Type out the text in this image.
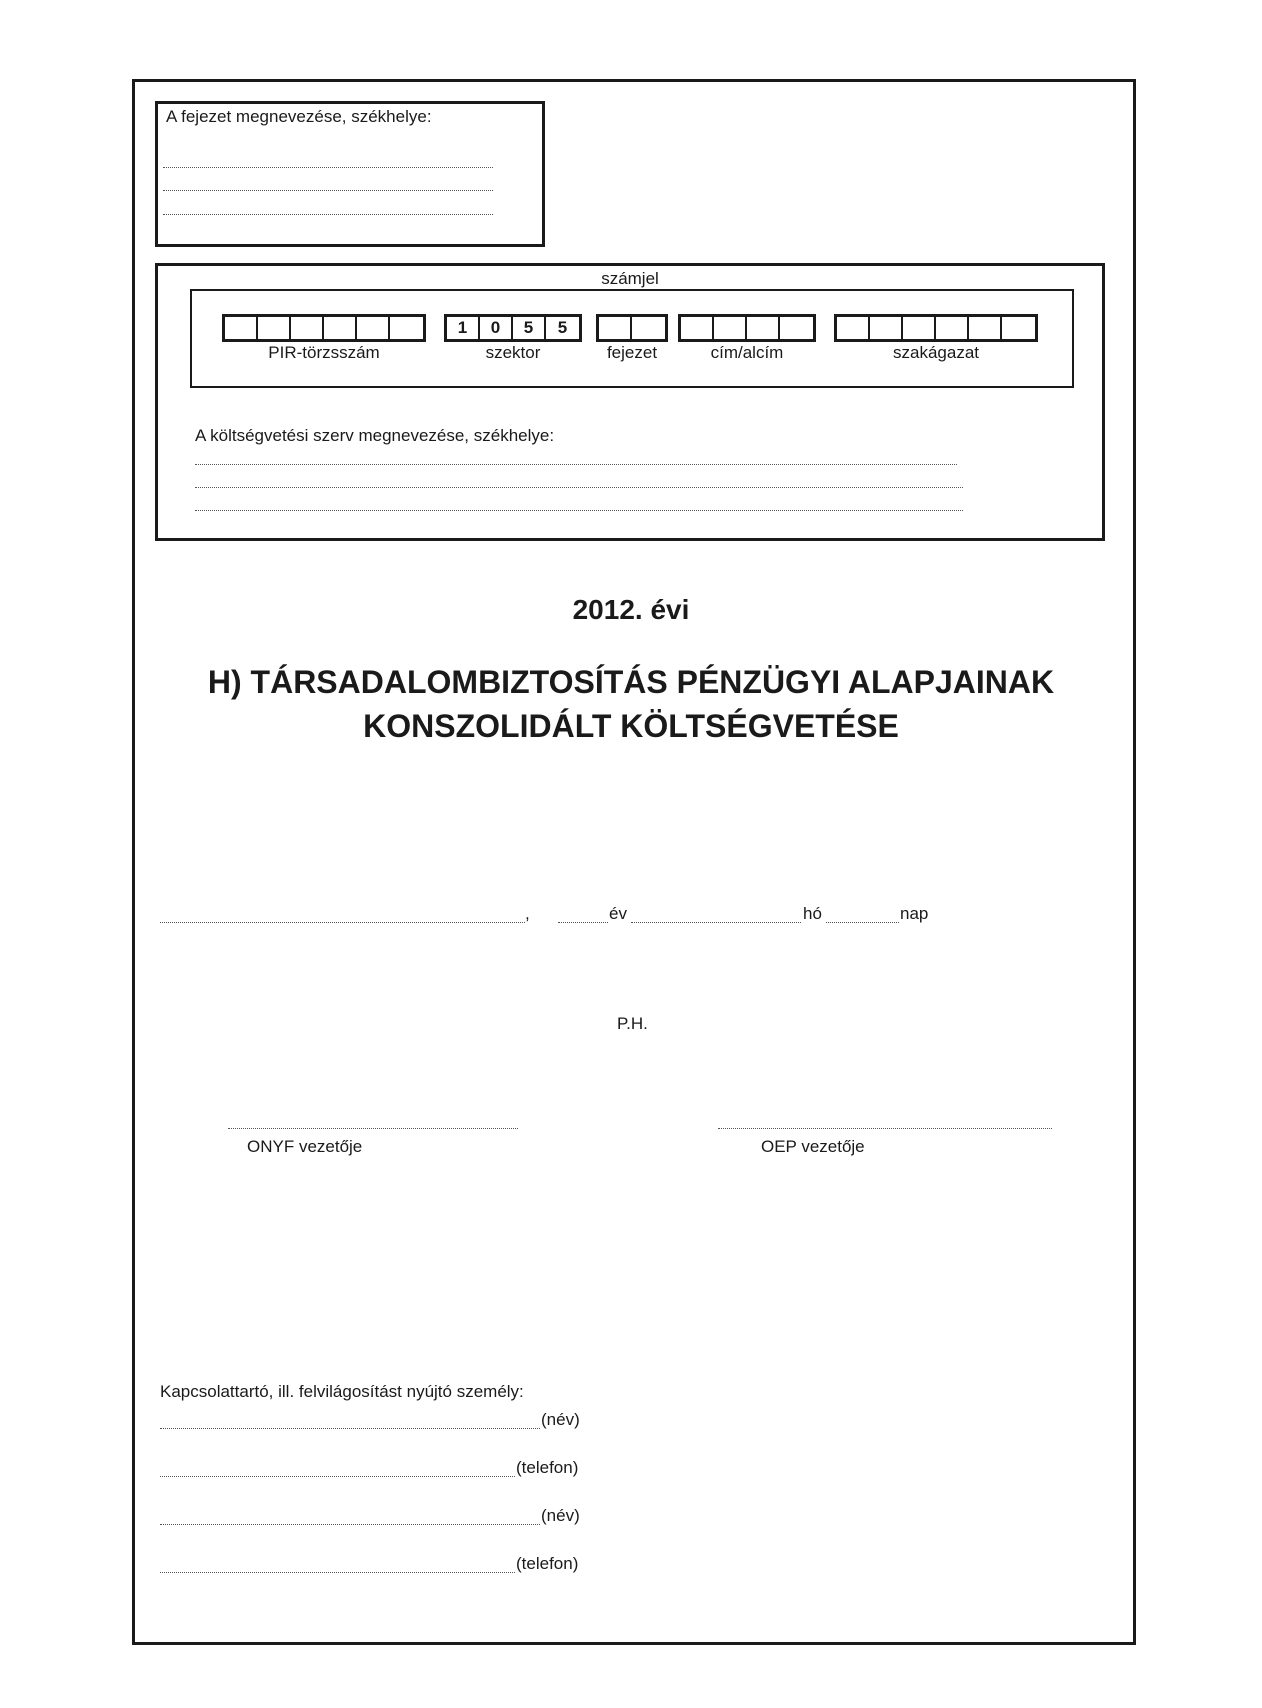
A fejezet megnevezése, székhelye:
számjel
PIR-törzsszám
1	0	5	5
szektor	fejezet	cím/alcím	szakágazat
A költségvetési szerv megnevezése, székhelye:
2012. évi
H) TÁRSADALOMBIZTOSÍTÁS PÉNZÜGYI ALAPJAINAK
KONSZOLIDÁLT KÖLTSÉGVETÉSE
,	év	hó	nap
P.H.
ONYF vezetője	OEP vezetője
Kapcsolattartó, ill. felvilágosítást nyújtó személy:
(név)
(telefon)
(név)
(telefon)
